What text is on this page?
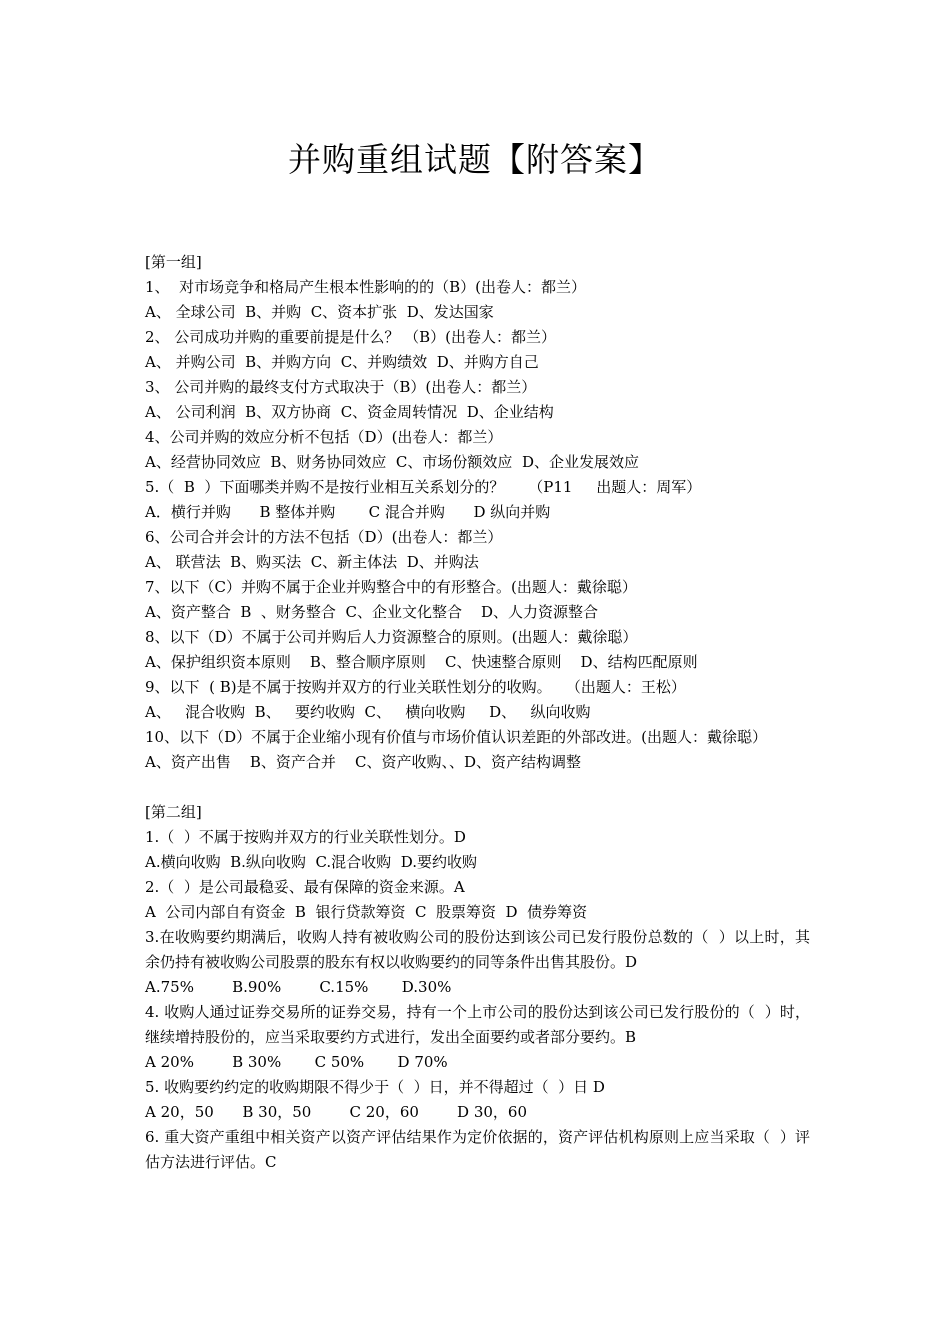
并购重组试题【附答案】
[第一组]
1、  对市场竞争和格局产生根本性影响的的（B）(出卷人：都兰）
A、 全球公司  B、并购  C、资本扩张  D、发达国家
2、 公司成功并购的重要前提是什么？ （B）(出卷人：都兰）
A、 并购公司  B、并购方向  C、并购绩效  D、并购方自己
3、 公司并购的最终支付方式取决于（B）(出卷人：都兰）
A、 公司利润  B、双方协商  C、资金周转情况  D、企业结构
4、公司并购的效应分析不包括（D）(出卷人：都兰）
A、经营协同效应  B、财务协同效应  C、市场份额效应  D、企业发展效应
5.（  B  ）下面哪类并购不是按行业相互关系划分的？     （P11     出题人：周军）
A．横行并购      B 整体并购       C 混合并购      D 纵向并购
6、公司合并会计的方法不包括（D）(出卷人：都兰）
A、 联营法  B、购买法  C、新主体法  D、并购法
7、以下（C）并购不属于企业并购整合中的有形整合。(出题人：戴徐聪）
A、资产整合  B  、财务整合  C、企业文化整合    D、人力资源整合
8、以下（D）不属于公司并购后人力资源整合的原则。(出题人：戴徐聪）
A、保护组织资本原则    B、整合顺序原则    C、快速整合原则    D、结构匹配原则
9、以下  ( B)是不属于按购并双方的行业关联性划分的收购。   （出题人：王松）
A、   混合收购  B、   要约收购  C、   横向收购     D、   纵向收购
10、以下（D）不属于企业缩小现有价值与市场价值认识差距的外部改进。(出题人：戴徐聪）
A、资产出售    B、资产合并    C、资产收购、、D、资产结构调整
[第二组]
1.（  ）不属于按购并双方的行业关联性划分。D
A.横向收购  B.纵向收购  C.混合收购  D.要约收购
2.（  ）是公司最稳妥、最有保障的资金来源。A
A  公司内部自有资金  B  银行贷款筹资  C  股票筹资  D  债券筹资
3.在收购要约期满后，收购人持有被收购公司的股份达到该公司已发行股份总数的（  ）以上时，其余仍持有被收购公司股票的股东有权以收购要约的同等条件出售其股份。D
A.75%        B.90%        C.15%       D.30%
4. 收购人通过证券交易所的证券交易，持有一个上市公司的股份达到该公司已发行股份的（  ）时，继续增持股份的，应当采取要约方式进行，发出全面要约或者部分要约。B
A 20%        B 30%       C 50%       D 70%
5. 收购要约约定的收购期限不得少于（  ）日，并不得超过（  ）日 D
A 20，50      B 30，50        C 20，60        D 30，60
6. 重大资产重组中相关资产以资产评估结果作为定价依据的，资产评估机构原则上应当采取（  ）评估方法进行评估。C
